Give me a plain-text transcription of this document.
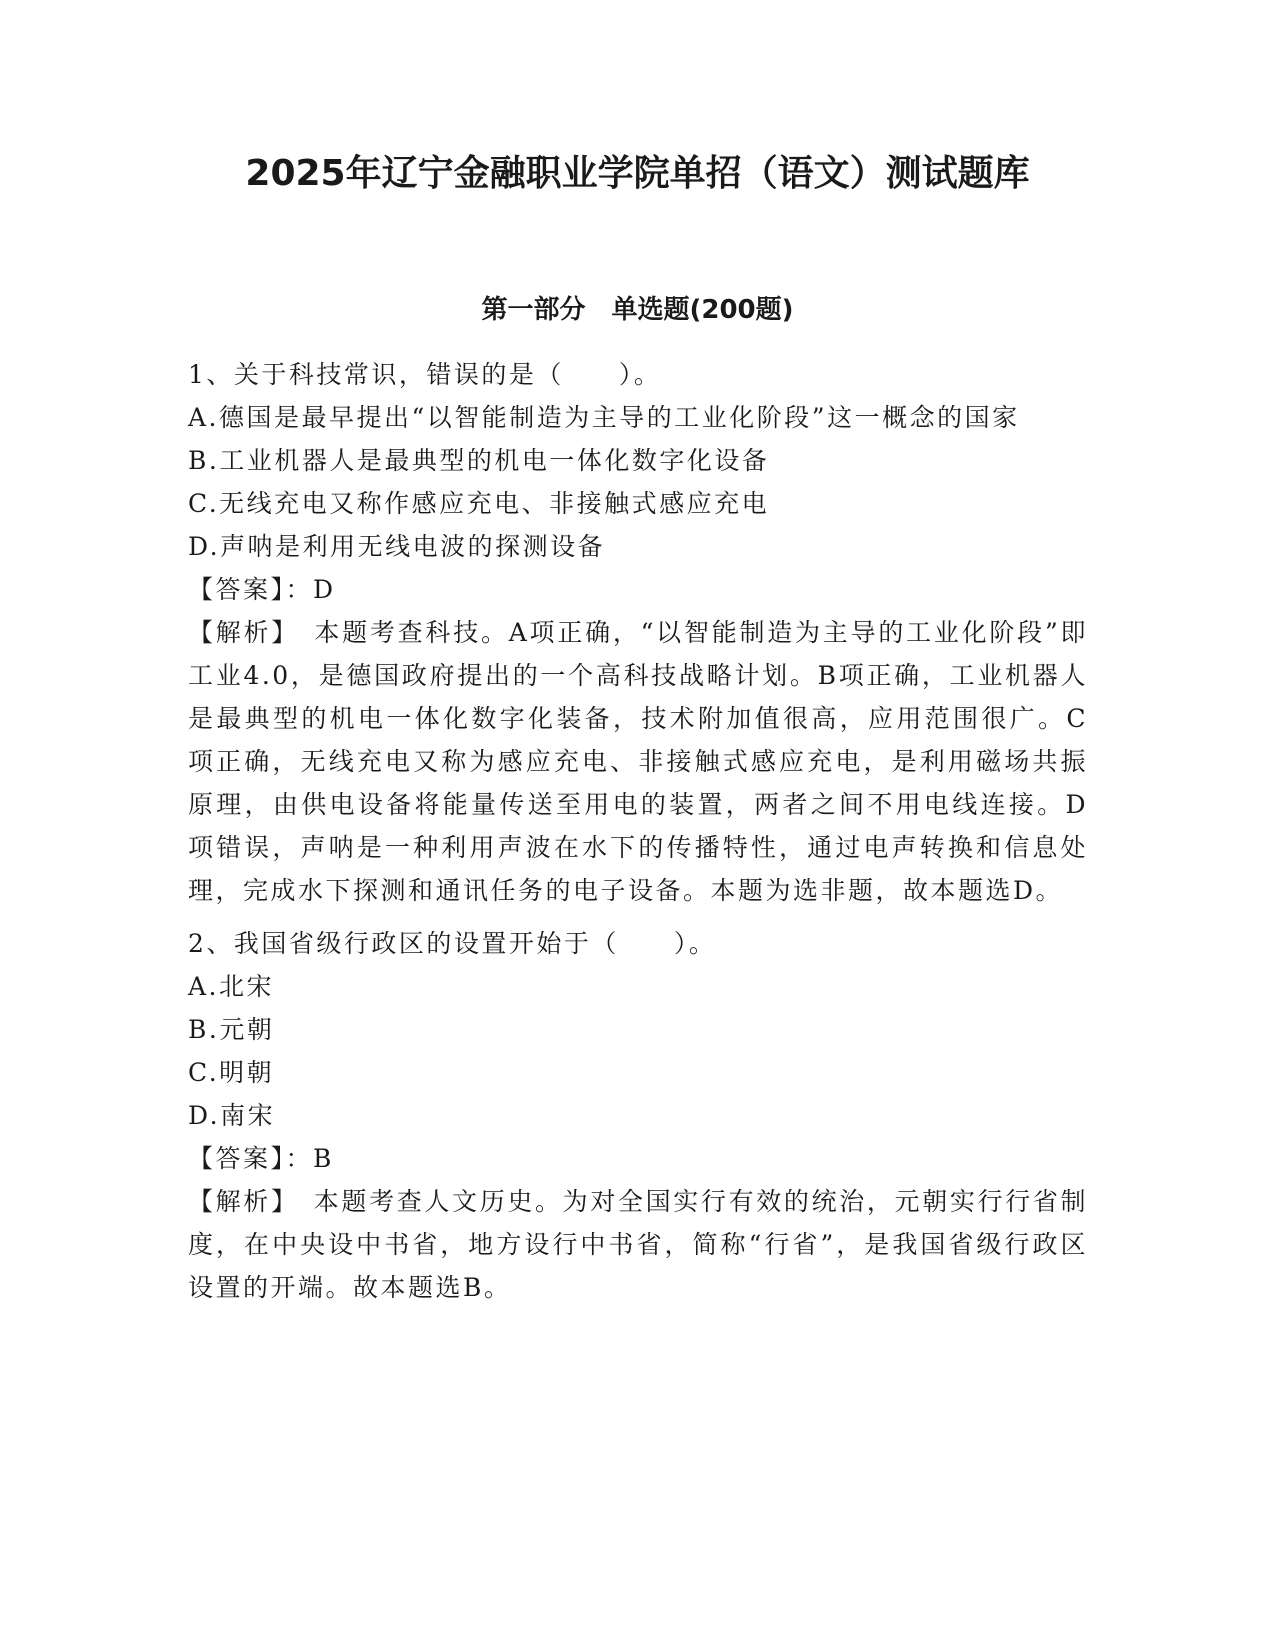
2025年辽宁金融职业学院单招（语文）测试题库
第一部分　单选题(200题)

1、关于科技常识，错误的是（　　）。

A.德国是最早提出“以智能制造为主导的工业化阶段”这一概念的国家

B.工业机器人是最典型的机电一体化数字化设备

C.无线充电又称作感应充电、非接触式感应充电

D.声呐是利用无线电波的探测设备

【答案】：D

【解析】　本题考查科技。A项正确，“以智能制造为主导的工业化阶段”即工业4.0，是德国政府提出的一个高科技战略计划。B项正确，工业机器人是最典型的机电一体化数字化装备，技术附加值很高，应用范围很广。C项正确，无线充电又称为感应充电、非接触式感应充电，是利用磁场共振原理，由供电设备将能量传送至用电的装置，两者之间不用电线连接。D项错误，声呐是一种利用声波在水下的传播特性，通过电声转换和信息处理，完成水下探测和通讯任务的电子设备。本题为选非题，故本题选D。

2、我国省级行政区的设置开始于（　　）。

A.北宋

B.元朝

C.明朝

D.南宋

【答案】：B

【解析】　本题考查人文历史。为对全国实行有效的统治，元朝实行行省制度，在中央设中书省，地方设行中书省，简称“行省”，是我国省级行政区设置的开端。故本题选B。
